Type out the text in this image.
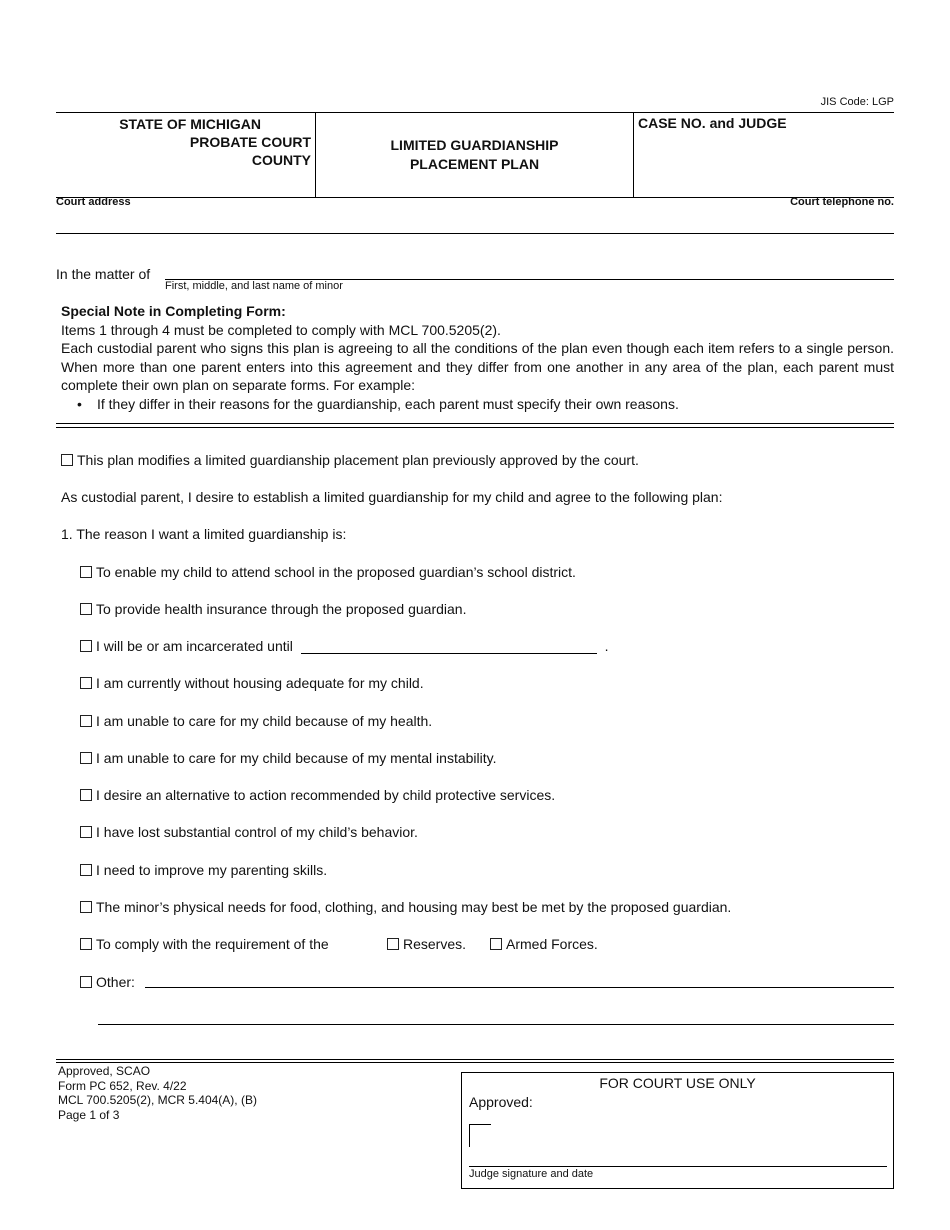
JIS Code: LGP
STATE OF MICHIGAN
PROBATE COURT
COUNTY
LIMITED GUARDIANSHIP
PLACEMENT PLAN
CASE NO. and JUDGE
Court address	Court telephone no.
In the matter of
First, middle, and last name of minor
Special Note in Completing Form:
Items 1 through 4 must be completed to comply with MCL 700.5205(2).
Each custodial parent who signs this plan is agreeing to all the conditions of the plan even though each item refers to a single person. When more than one parent enters into this agreement and they differ from one another in any area of the plan, each parent must complete their own plan on separate forms. For example:
• If they differ in their reasons for the guardianship, each parent must specify their own reasons.
This plan modifies a limited guardianship placement plan previously approved by the court.
As custodial parent, I desire to establish a limited guardianship for my child and agree to the following plan:
1. The reason I want a limited guardianship is:
To enable my child to attend school in the proposed guardian’s school district.
To provide health insurance through the proposed guardian.
I will be or am incarcerated until	.
I am currently without housing adequate for my child.
I am unable to care for my child because of my health.
I am unable to care for my child because of my mental instability.
I desire an alternative to action recommended by child protective services.
I have lost substantial control of my child’s behavior.
I need to improve my parenting skills.
The minor’s physical needs for food, clothing, and housing may best be met by the proposed guardian.
To comply with the requirement of the	Reserves.	Armed Forces.
Other:
Approved, SCAO
Form PC 652, Rev. 4/22
MCL 700.5205(2), MCR 5.404(A), (B)
Page 1 of 3
FOR COURT USE ONLY
Approved:
Judge signature and date
